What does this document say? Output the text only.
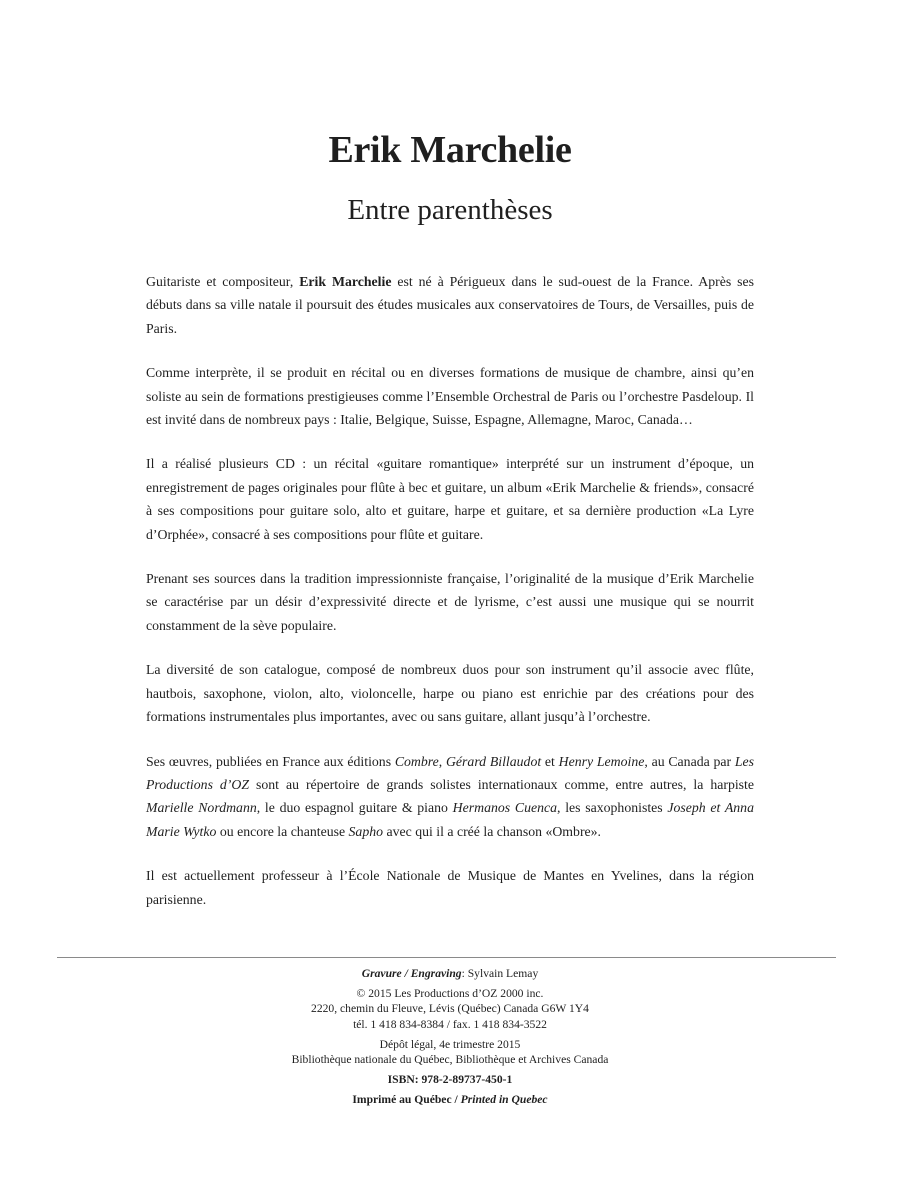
Erik Marchelie
Entre parenthèses

Guitariste et compositeur, Erik Marchelie est né à Périgueux dans le sud-ouest de la France. Après ses débuts dans sa ville natale il poursuit des études musicales aux conservatoires de Tours, de Versailles, puis de Paris.

Comme interprète, il se produit en récital ou en diverses formations de musique de chambre, ainsi qu’en soliste au sein de formations prestigieuses comme l’Ensemble Orchestral de Paris ou l’orchestre Pasdeloup. Il est invité dans de nombreux pays : Italie, Belgique, Suisse, Espagne, Allemagne, Maroc, Canada…

Il a réalisé plusieurs CD : un récital «guitare romantique» interprété sur un instrument d’époque, un enregistrement de pages originales pour flûte à bec et guitare, un album «Erik Marchelie & friends», consacré à ses compositions pour guitare solo, alto et guitare, harpe et guitare, et sa dernière production «La Lyre d’Orphée», consacré à ses compositions pour flûte et guitare.

Prenant ses sources dans la tradition impressionniste française, l’originalité de la musique d’Erik Marchelie se caractérise par un désir d’expressivité directe et de lyrisme, c’est aussi une musique qui se nourrit constamment de la sève populaire.

La diversité de son catalogue, composé de nombreux duos pour son instrument qu’il associe avec flûte, hautbois, saxophone, violon, alto, violoncelle, harpe ou piano est enrichie par des créations pour des formations instrumentales plus importantes, avec ou sans guitare, allant jusqu’à l’orchestre.

Ses œuvres, publiées en France aux éditions Combre, Gérard Billaudot et Henry Lemoine, au Canada par Les Productions d’OZ sont au répertoire de grands solistes internationaux comme, entre autres, la harpiste Marielle Nordmann, le duo espagnol guitare & piano Hermanos Cuenca, les saxophonistes Joseph et Anna Marie Wytko ou encore la chanteuse Sapho avec qui il a créé la chanson «Ombre».

Il est actuellement professeur à l’École Nationale de Musique de Mantes en Yvelines, dans la région parisienne.

Gravure / Engraving: Sylvain Lemay
© 2015 Les Productions d’OZ 2000 inc.
2220, chemin du Fleuve, Lévis (Québec) Canada G6W 1Y4
tél. 1 418 834-8384 / fax. 1 418 834-3522
Dépôt légal, 4e trimestre 2015
Bibliothèque nationale du Québec, Bibliothèque et Archives Canada
ISBN: 978-2-89737-450-1
Imprimé au Québec / Printed in Quebec
